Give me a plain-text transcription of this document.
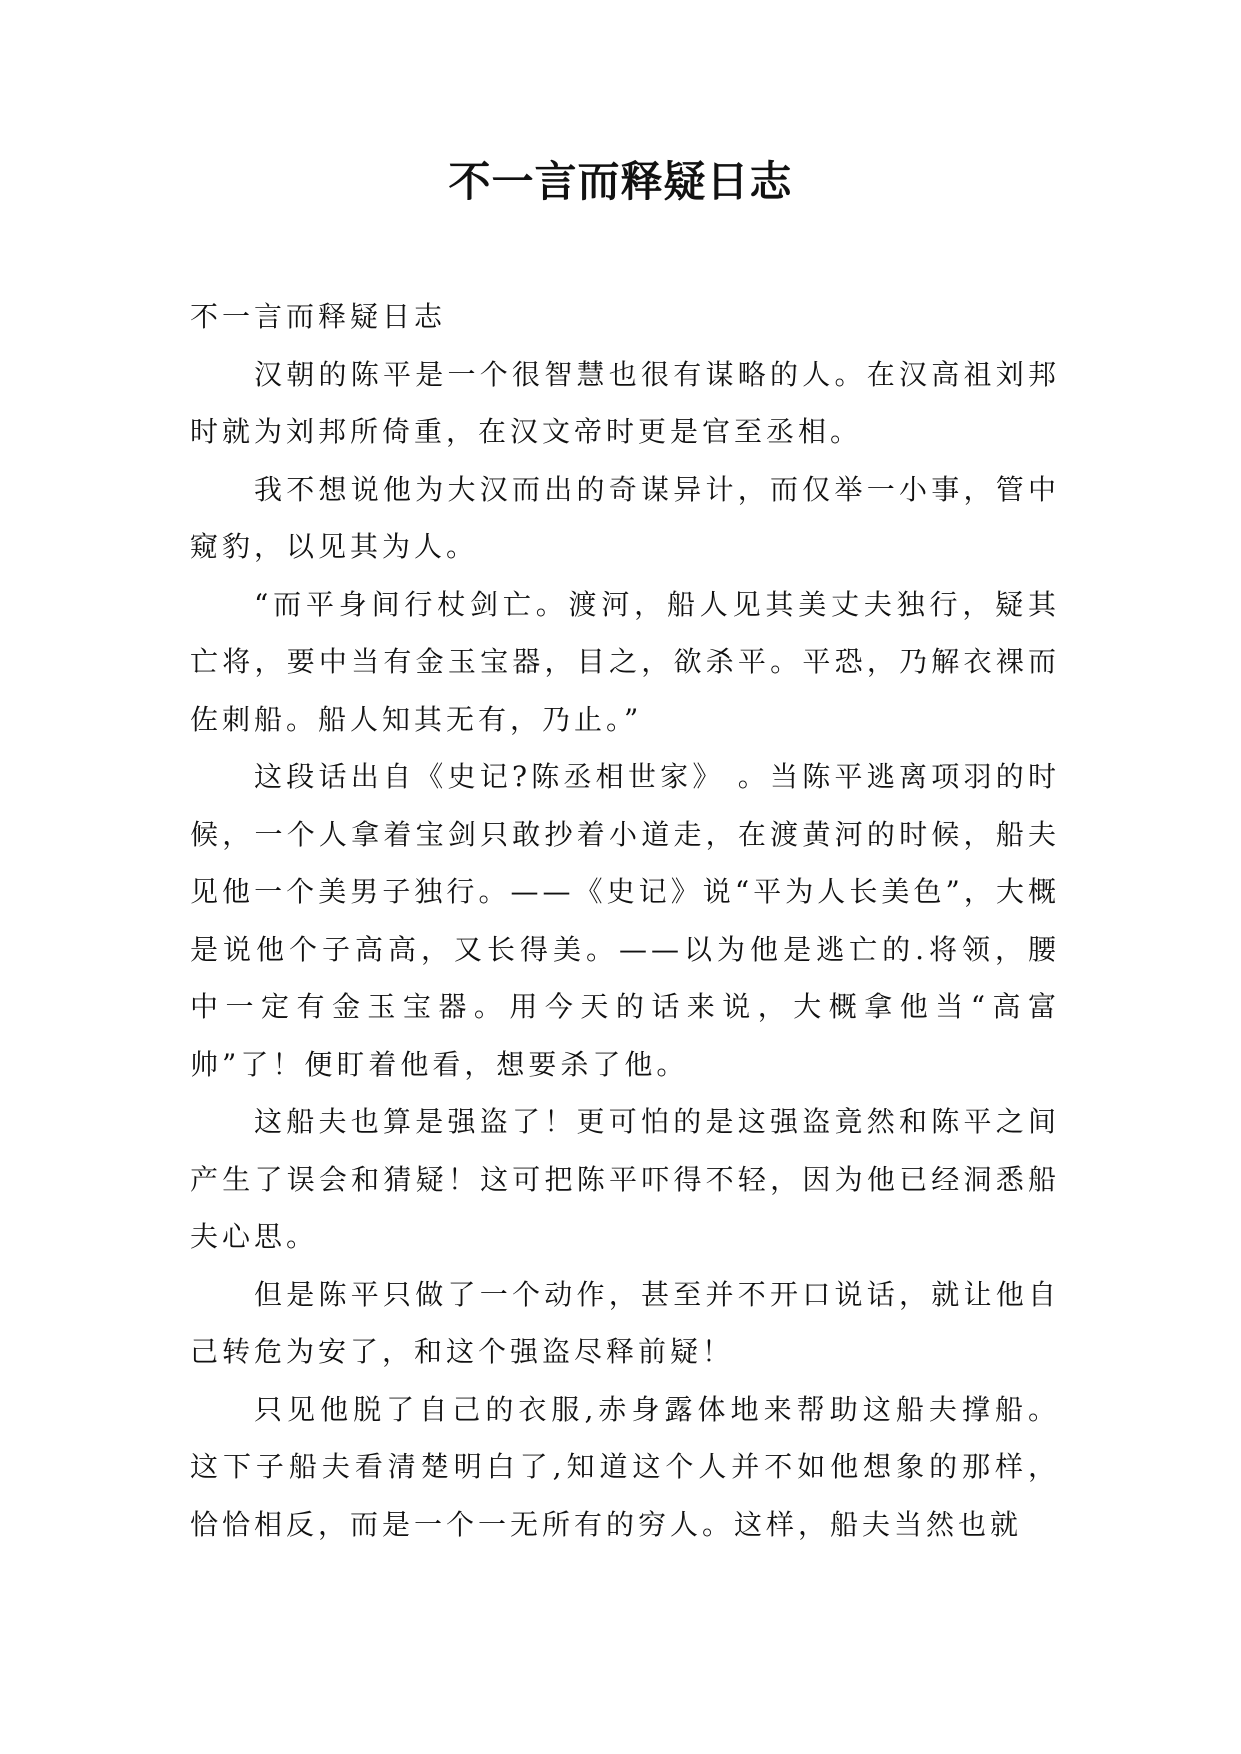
不一言而释疑日志

不一言而释疑日志

汉朝的陈平是一个很智慧也很有谋略的人。在汉高祖刘邦时就为刘邦所倚重，在汉文帝时更是官至丞相。

我不想说他为大汉而出的奇谋异计，而仅举一小事，管中窥豹，以见其为人。

“而平身间行杖剑亡。渡河，船人见其美丈夫独行，疑其亡将，要中当有金玉宝器，目之，欲杀平。平恐，乃解衣裸而佐刺船。船人知其无有，乃止。”

这段话出自《史记?陈丞相世家》 。当陈平逃离项羽的时候，一个人拿着宝剑只敢抄着小道走，在渡黄河的时候，船夫见他一个美男子独行。——《史记》说“平为人长美色”，大概是说他个子高高，又长得美。——以为他是逃亡的.将领，腰中一定有金玉宝器。用今天的话来说，大概拿他当“高富帅”了！便盯着他看，想要杀了他。

这船夫也算是强盗了！更可怕的是这强盗竟然和陈平之间产生了误会和猜疑！这可把陈平吓得不轻，因为他已经洞悉船夫心思。

但是陈平只做了一个动作，甚至并不开口说话，就让他自己转危为安了，和这个强盗尽释前疑！

只见他脱了自己的衣服,赤身露体地来帮助这船夫撑船。这下子船夫看清楚明白了,知道这个人并不如他想象的那样，恰恰相反，而是一个一无所有的穷人。这样，船夫当然也就
